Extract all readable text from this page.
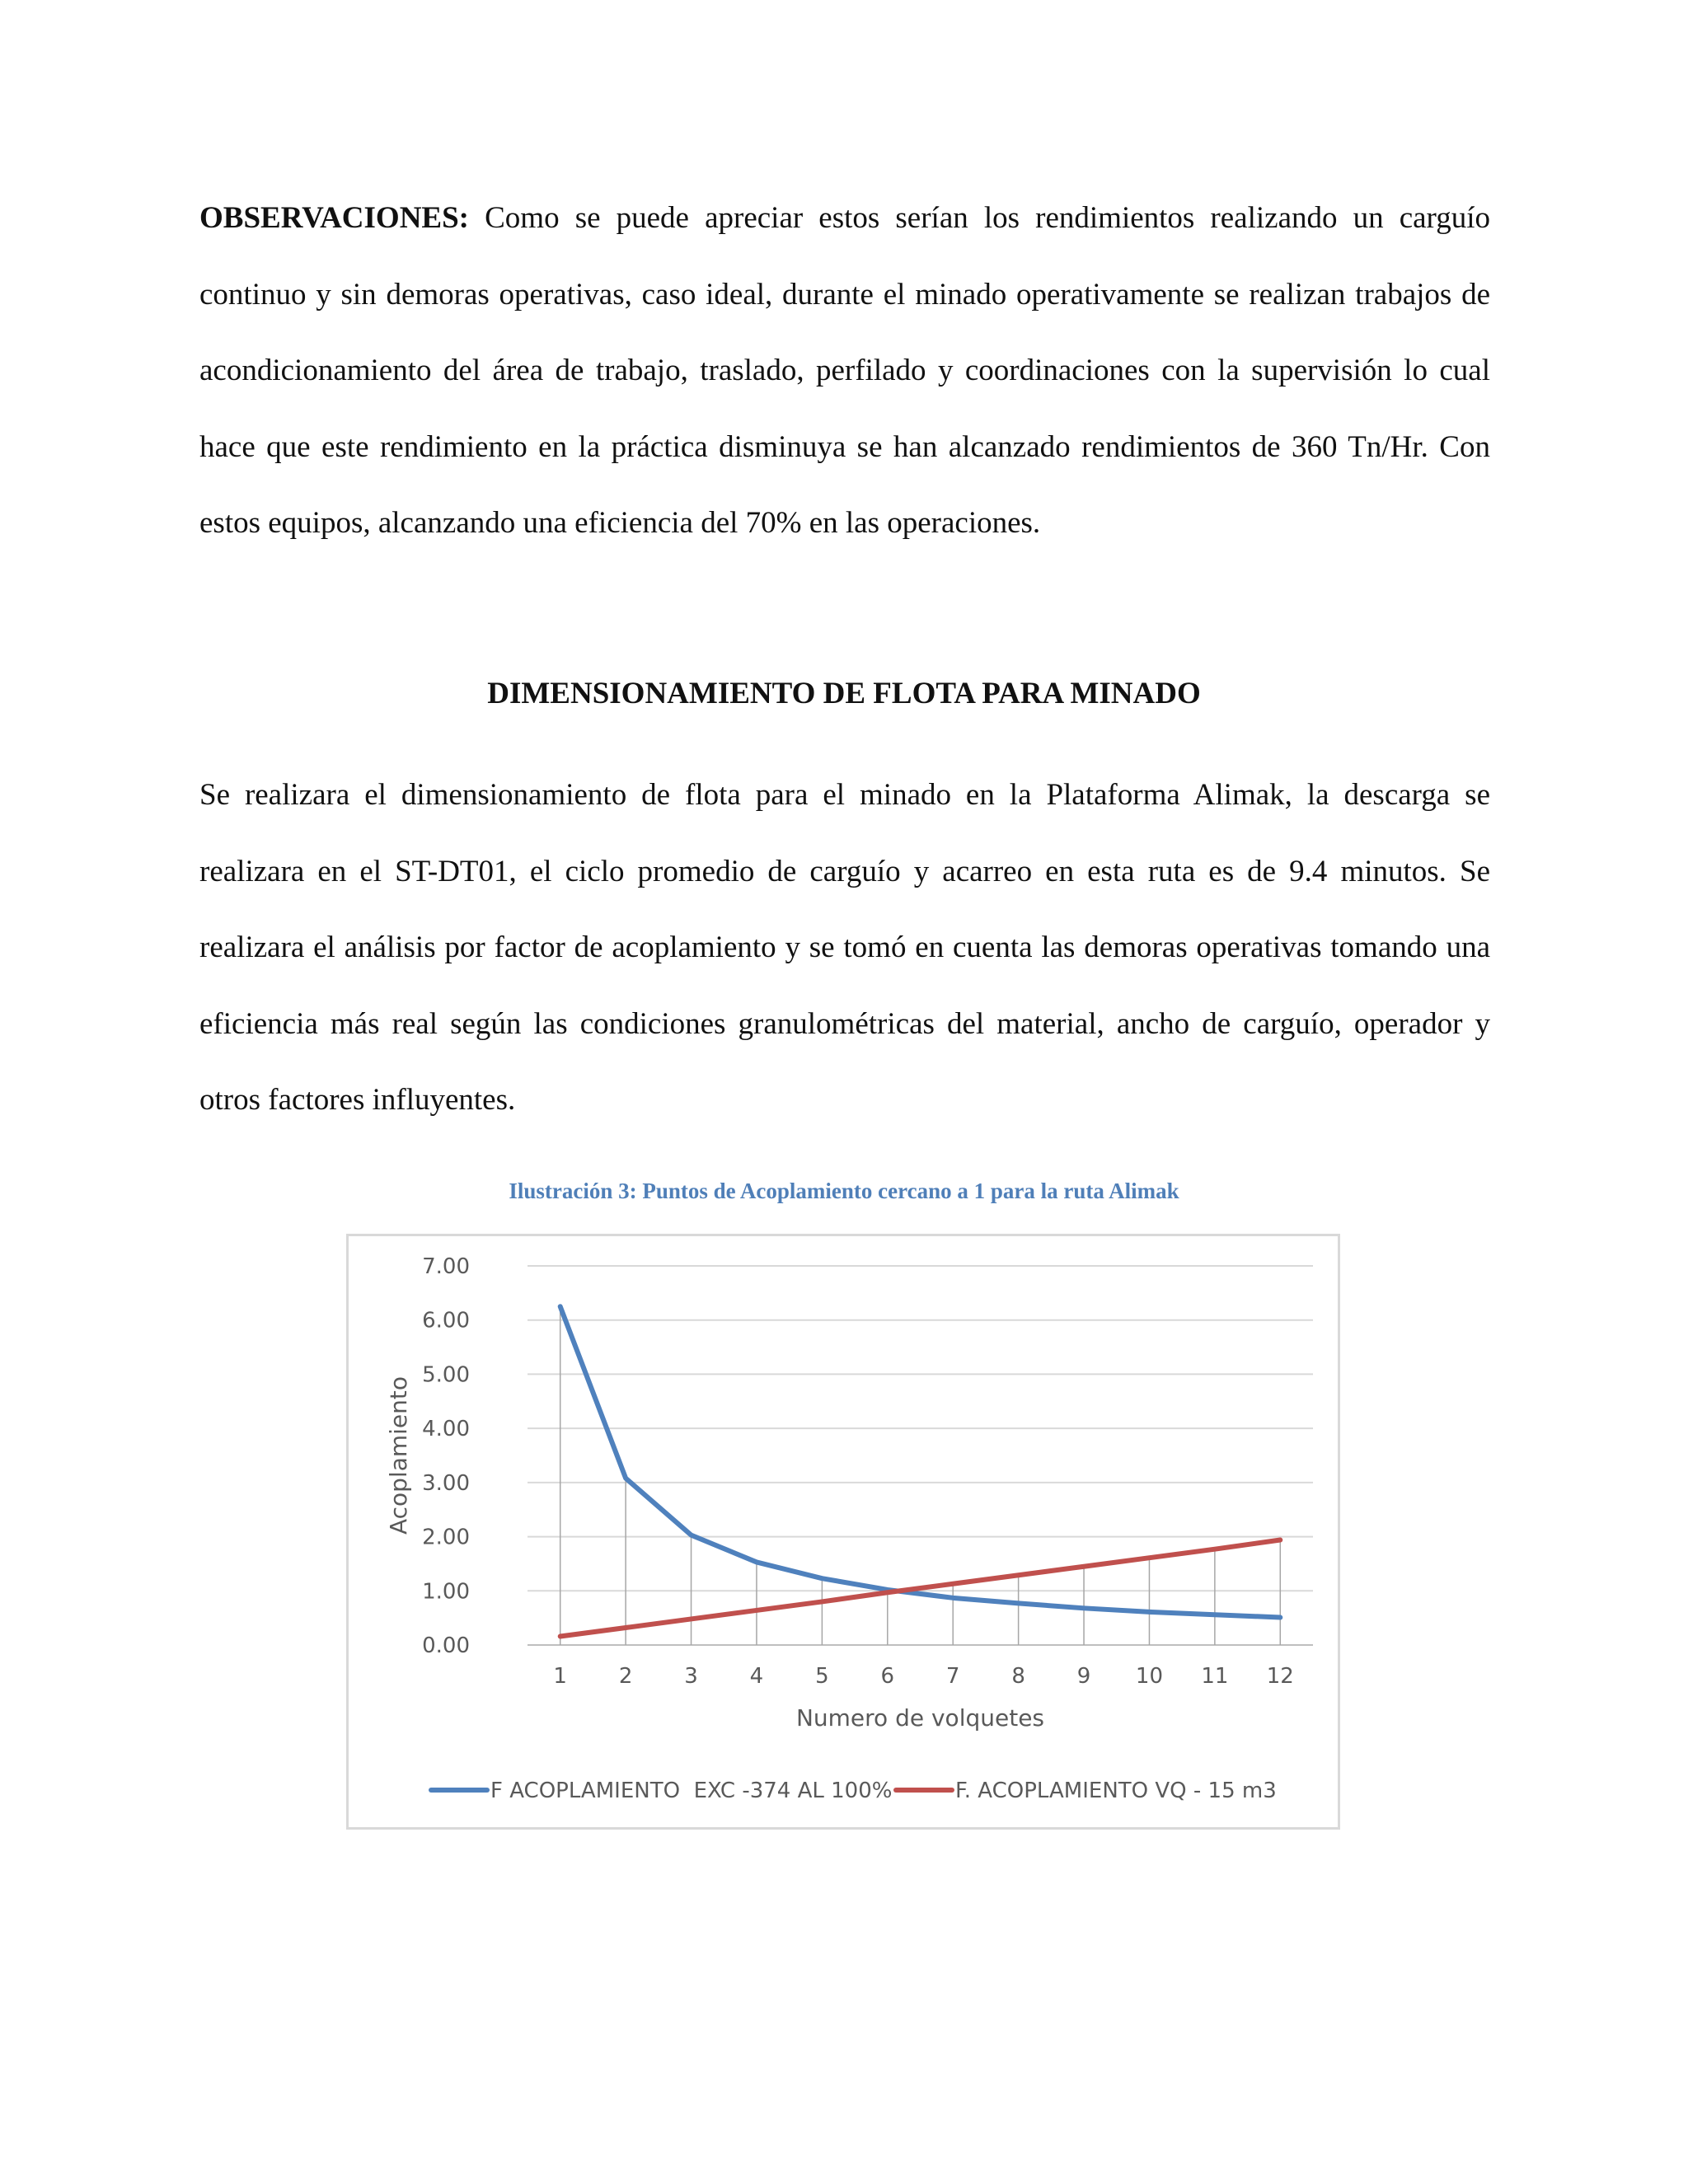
OBSERVACIONES: Como se puede apreciar estos serían los rendimientos realizando un carguío continuo y sin demoras operativas, caso ideal, durante el minado operativamente se realizan trabajos de acondicionamiento del área de trabajo, traslado, perfilado y coordinaciones con la supervisión lo cual hace que este rendimiento en la práctica disminuya se han alcanzado rendimientos de 360 Tn/Hr. Con estos equipos, alcanzando una eficiencia del 70% en las operaciones.

DIMENSIONAMIENTO DE FLOTA PARA MINADO

Se realizara el dimensionamiento de flota para el minado en la Plataforma Alimak, la descarga se realizara en el ST-DT01, el ciclo promedio de carguío y acarreo en esta ruta es de 9.4 minutos. Se realizara el análisis por factor de acoplamiento y se tomó en cuenta las demoras operativas tomando una eficiencia más real según las condiciones granulométricas del material, ancho de carguío, operador y otros factores influyentes.

Ilustración 3: Puntos de Acoplamiento cercano a 1 para la ruta Alimak
0.00
1.00
2.00
3.00
4.00
5.00
6.00
7.00
1 2 3 4 5 6 7 8 9 10 11 12
Numero de volquetes
Acoplamiento
F ACOPLAMIENTO  EXC -374 AL 100%	F. ACOPLAMIENTO VQ - 15 m3
